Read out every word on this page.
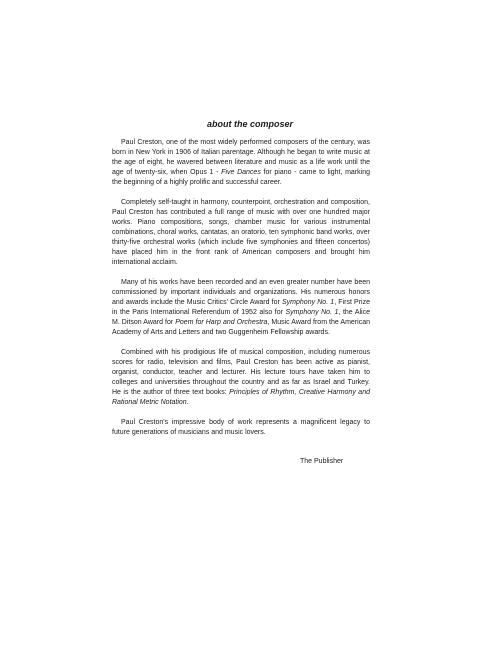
about the composer

Paul Creston, one of the most widely performed composers of the century, was born in New York in 1906 of Italian parentage. Although he began to write music at the age of eight, he wavered between literature and music as a life work until the age of twenty-six, when Opus 1 - Five Dances for piano - came to light, marking the beginning of a highly prolific and successful career.

Completely self-taught in harmony, counterpoint, orchestration and composition, Paul Creston has contributed a full range of music with over one hundred major works. Piano compositions, songs, chamber music for various instrumental combinations, choral works, cantatas, an oratorio, ten symphonic band works, over thirty-five orchestral works (which include five symphonies and fifteen concertos) have placed him in the front rank of American composers and brought him international acclaim.

Many of his works have been recorded and an even greater number have been commissioned by important individuals and organizations. His numerous honors and awards include the Music Critics' Circle Award for Symphony No. 1, First Prize in the Paris International Referendum of 1952 also for Symphony No. 1, the Alice M. Ditson Award for Poem for Harp and Orchestra, Music Award from the American Academy of Arts and Letters and two Guggenheim Fellowship awards.

Combined with his prodigious life of musical composition, including numerous scores for radio, television and films, Paul Creston has been active as pianist, organist, conductor, teacher and lecturer. His lecture tours have taken him to colleges and universities throughout the country and as far as Israel and Turkey. He is the author of three text books: Principles of Rhythm, Creative Harmony and Rational Metric Notation.

Paul Creston's impressive body of work represents a magnificent legacy to future generations of musicians and music lovers.

The Publisher
